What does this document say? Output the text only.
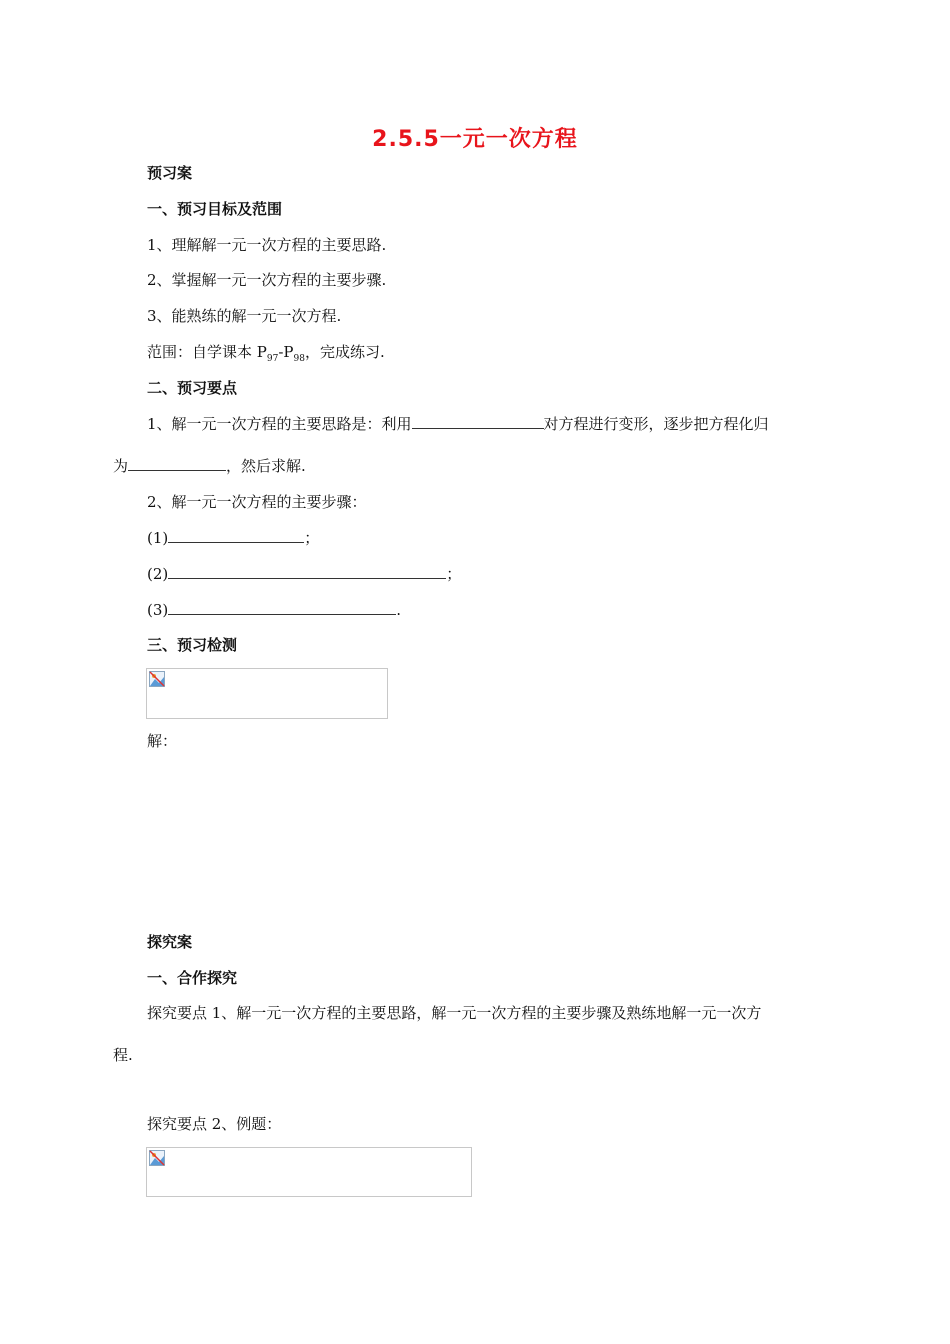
2.5.5一元一次方程
预习案
一、预习目标及范围
1、理解解一元一次方程的主要思路.
2、掌握解一元一次方程的主要步骤.
3、能熟练的解一元一次方程.
范围：自学课本 $P_{97}-P_{98}$，完成练习.
二、预习要点
1、解一元一次方程的主要思路是：利用	对方程进行变形，逐步把方程化归
为	，然后求解.
2、解一元一次方程的主要步骤：
(1)	；
(2)	；
(3)	.
三、预习检测
解：
探究案
一、合作探究
探究要点 1、解一元一次方程的主要思路，解一元一次方程的主要步骤及熟练地解一元一次方
程.
探究要点 2、例题：
